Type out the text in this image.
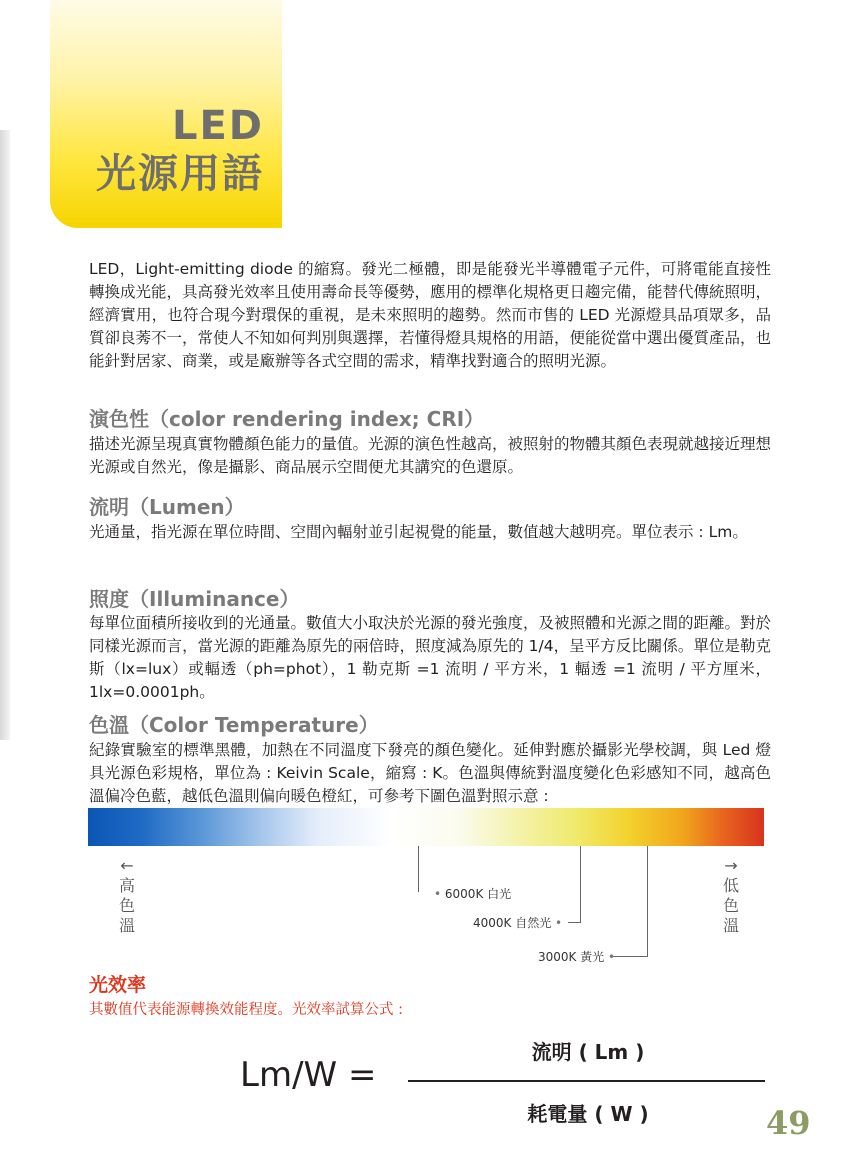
LED
光源用語

LED，Light-emitting diode 的縮寫。發光二極體，即是能發光半導體電子元件，可將電能直接性轉換成光能，具高發光效率且使用壽命長等優勢，應用的標準化規格更日趨完備，能替代傳統照明，經濟實用，也符合現今對環保的重視，是未來照明的趨勢。然而市售的 LED 光源燈具品項眾多，品質卻良莠不一，常使人不知如何判別與選擇，若懂得燈具規格的用語，便能從當中選出優質產品，也能針對居家、商業，或是廠辦等各式空間的需求，精準找對適合的照明光源。

演色性（color rendering index; CRI）

描述光源呈現真實物體顏色能力的量值。光源的演色性越高，被照射的物體其顏色表現就越接近理想光源或自然光，像是攝影、商品展示空間便尤其講究的色還原。

流明（Lumen）

光通量，指光源在單位時間、空間內輻射並引起視覺的能量，數值越大越明亮。單位表示 : Lm。

照度（Illuminance）

每單位面積所接收到的光通量。數值大小取決於光源的發光強度，及被照體和光源之間的距離。對於同樣光源而言，當光源的距離為原先的兩倍時，照度減為原先的 1/4，呈平方反比關係。單位是勒克斯（lx=lux）或輻透（ph=phot），1 勒克斯 =1 流明 / 平方米，1 輻透 =1 流明 / 平方厘米，1lx=0.0001ph。

色溫（Color Temperature）

紀錄實驗室的標準黑體，加熱在不同溫度下發亮的顏色變化。延伸對應於攝影光學校調，與 Led 燈具光源色彩規格，單位為 : Keivin Scale，縮寫 : K。色溫與傳統對溫度變化色彩感知不同，越高色溫偏冷色藍，越低色溫則偏向暖色橙紅，可參考下圖色溫對照示意 :

←
高
色
溫
→
低
色
溫
• 6000K 白光
4000K 自然光 •
3000K 黃光 •
光效率

其數值代表能源轉換效能程度。光效率試算公式 :

Lm/W =
流明 ( Lm )
耗電量 ( W )	49
